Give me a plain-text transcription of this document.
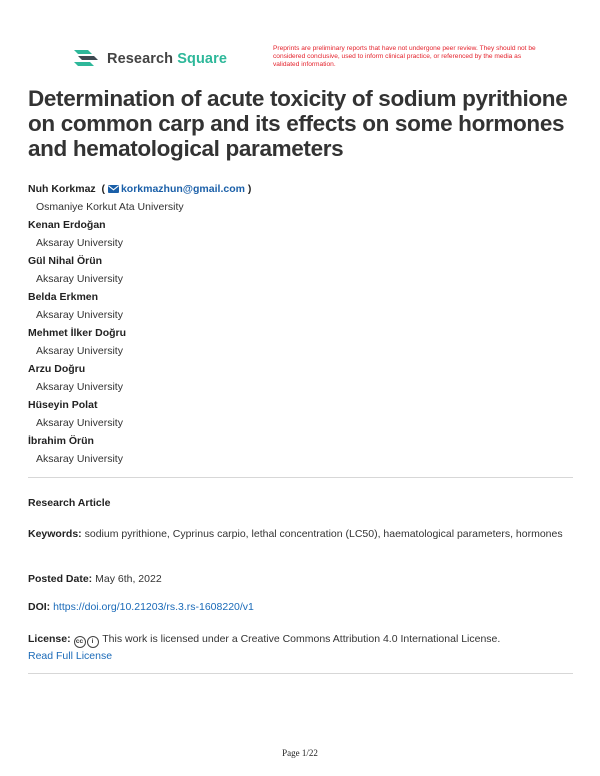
Research Square
Preprints are preliminary reports that have not undergone peer review. They should not be considered conclusive, used to inform clinical practice, or referenced by the media as validated information.
Determination of acute toxicity of sodium pyrithione on common carp and its effects on some hormones and hematological parameters
Nuh Korkmaz  ( korkmazhun@gmail.com )
Osmaniye Korkut Ata University
Kenan Erdoğan
Aksaray University
Gül Nihal Örün
Aksaray University
Belda Erkmen
Aksaray University
Mehmet İlker Doğru
Aksaray University
Arzu Doğru
Aksaray University
Hüseyin Polat
Aksaray University
İbrahim Örün
Aksaray University
Research Article
Keywords: sodium pyrithione, Cyprinus carpio, lethal concentration (LC50), haematological parameters, hormones
Posted Date: May 6th, 2022
DOI: https://doi.org/10.21203/rs.3.rs-1608220/v1
License: cc i This work is licensed under a Creative Commons Attribution 4.0 International License.
Read Full License
Page 1/22
